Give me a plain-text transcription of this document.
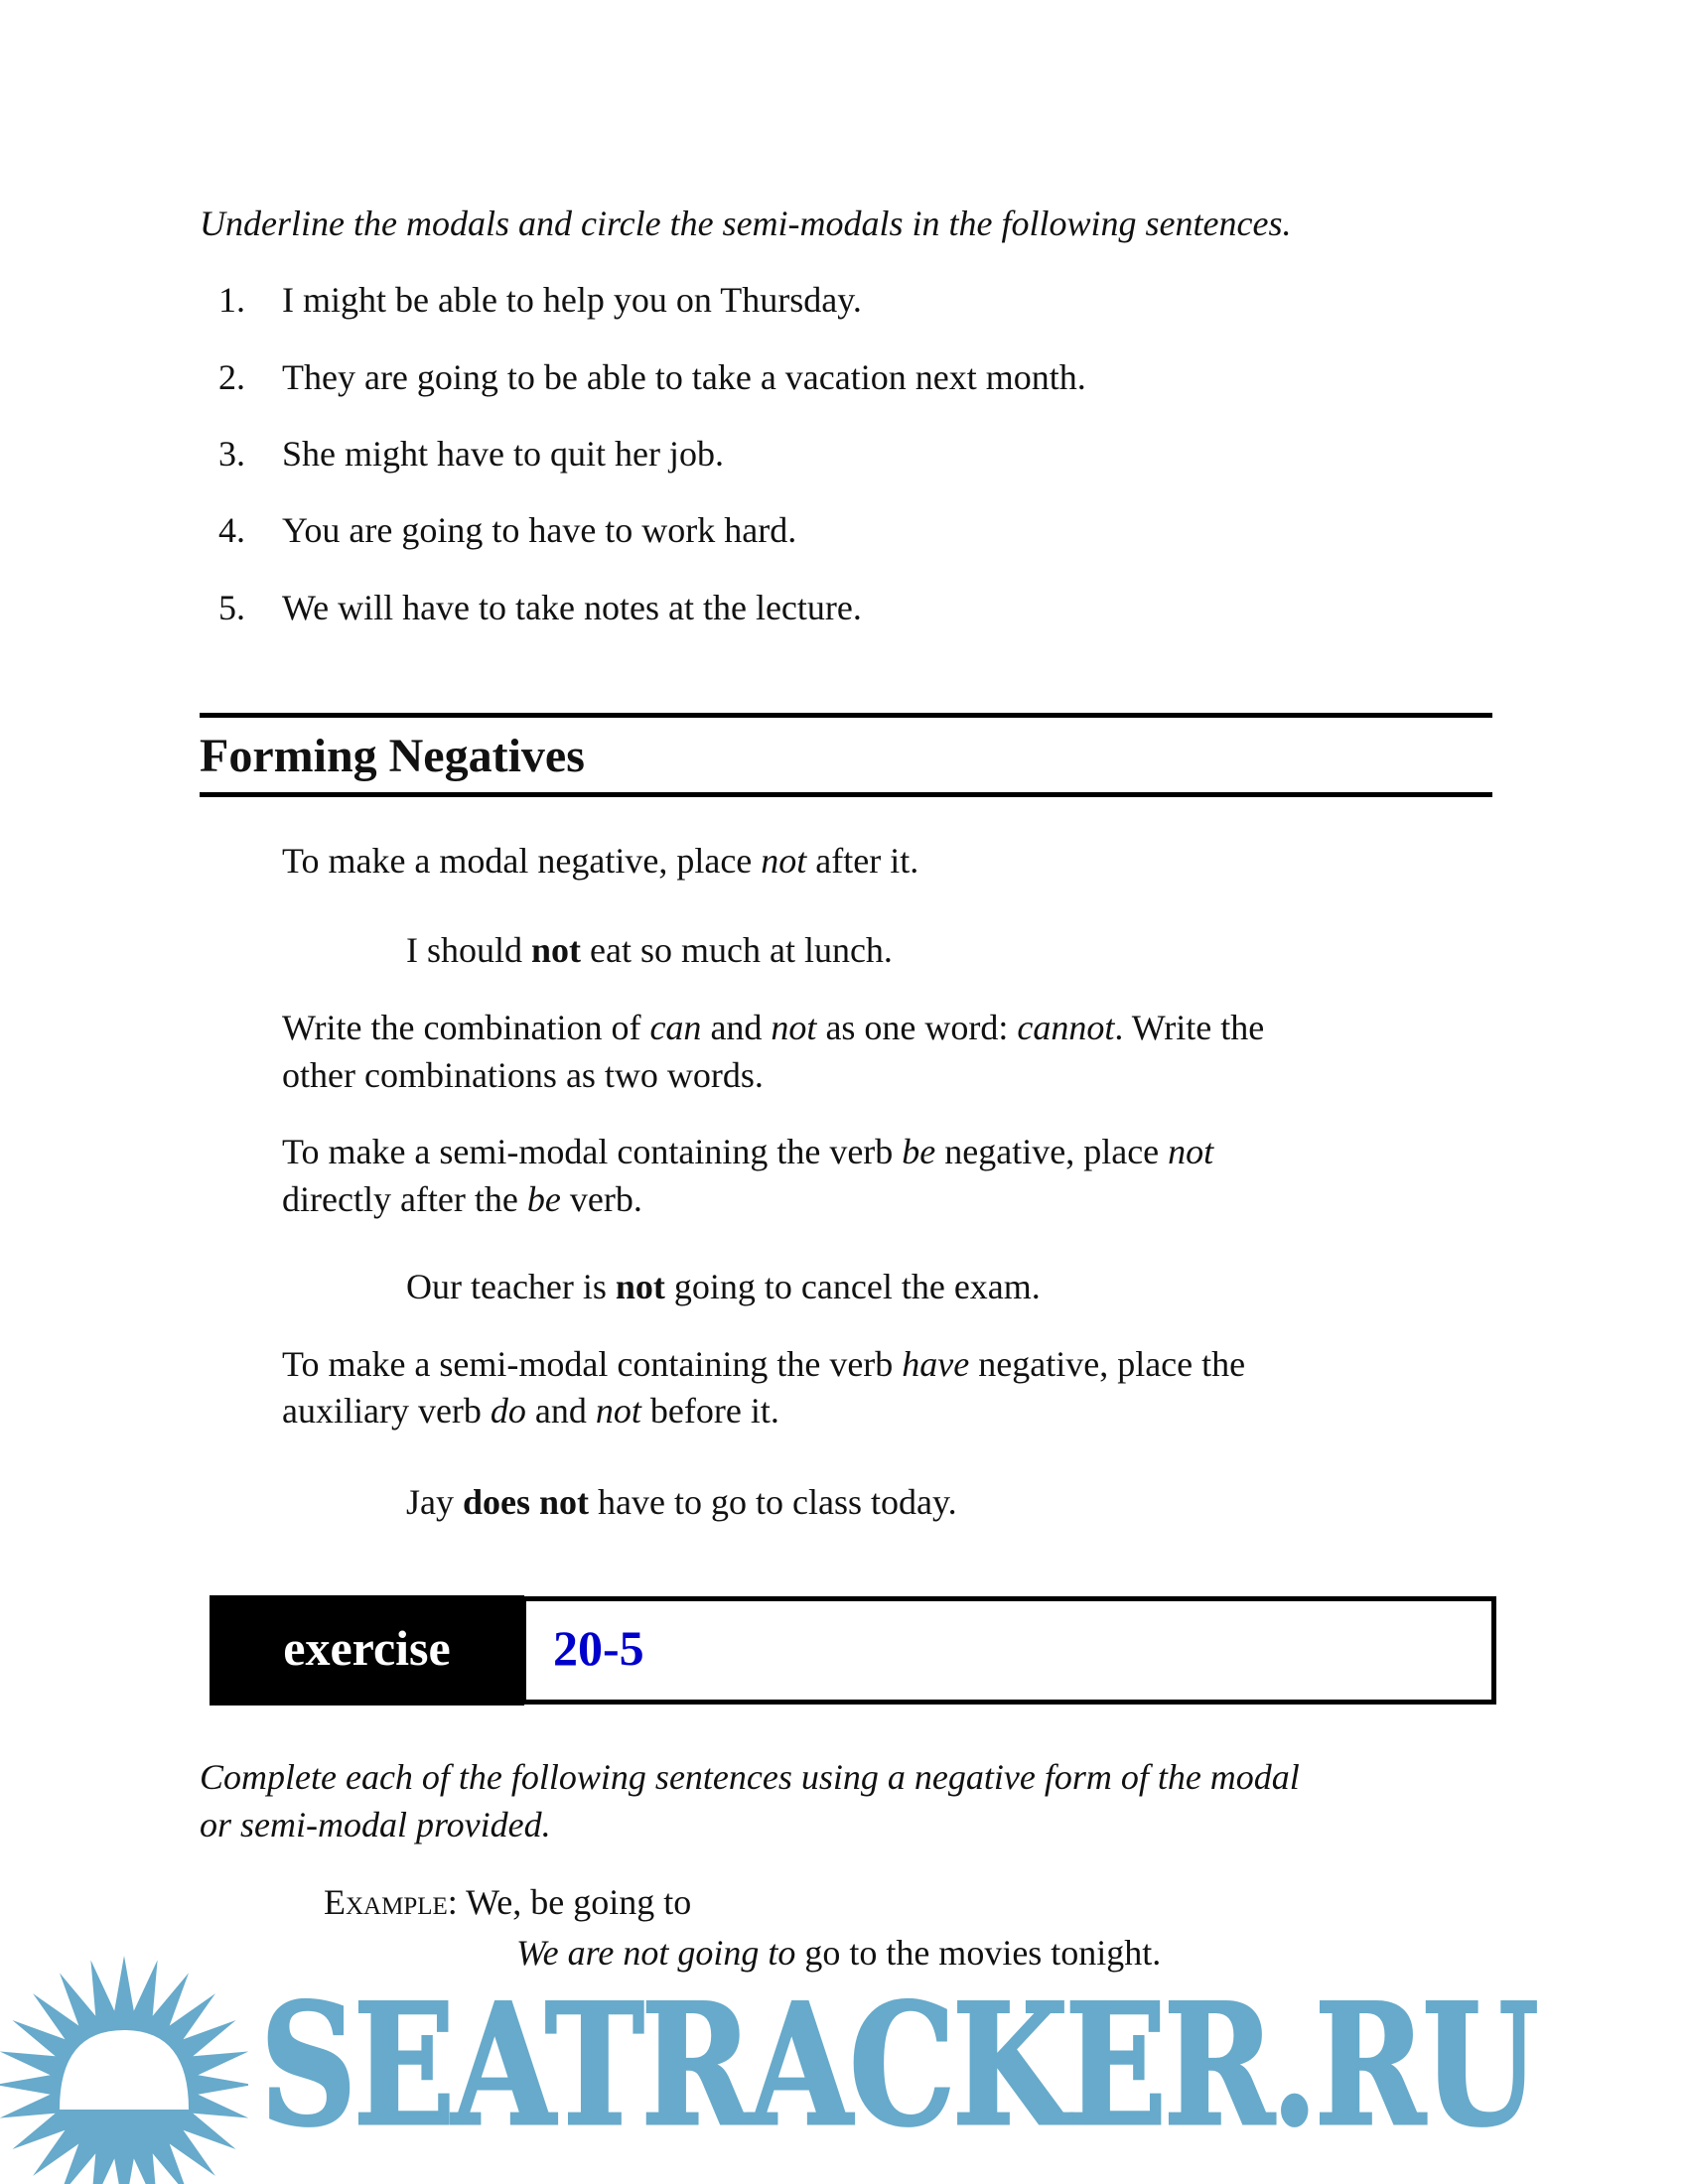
Underline the modals and circle the semi-modals in the following sentences.
1. I might be able to help you on Thursday.
2. They are going to be able to take a vacation next month.
3. She might have to quit her job.
4. You are going to have to work hard.
5. We will have to take notes at the lecture.
Forming Negatives
To make a modal negative, place not after it.
I should not eat so much at lunch.
Write the combination of can and not as one word: cannot. Write the
other combinations as two words.
To make a semi-modal containing the verb be negative, place not
directly after the be verb.
Our teacher is not going to cancel the exam.
To make a semi-modal containing the verb have negative, place the
auxiliary verb do and not before it.
Jay does not have to go to class today.
exercise	20-5
Complete each of the following sentences using a negative form of the modal
or semi-modal provided.
Example: We, be going to
We are not going to go to the movies tonight.
SEATRACKER.RU
